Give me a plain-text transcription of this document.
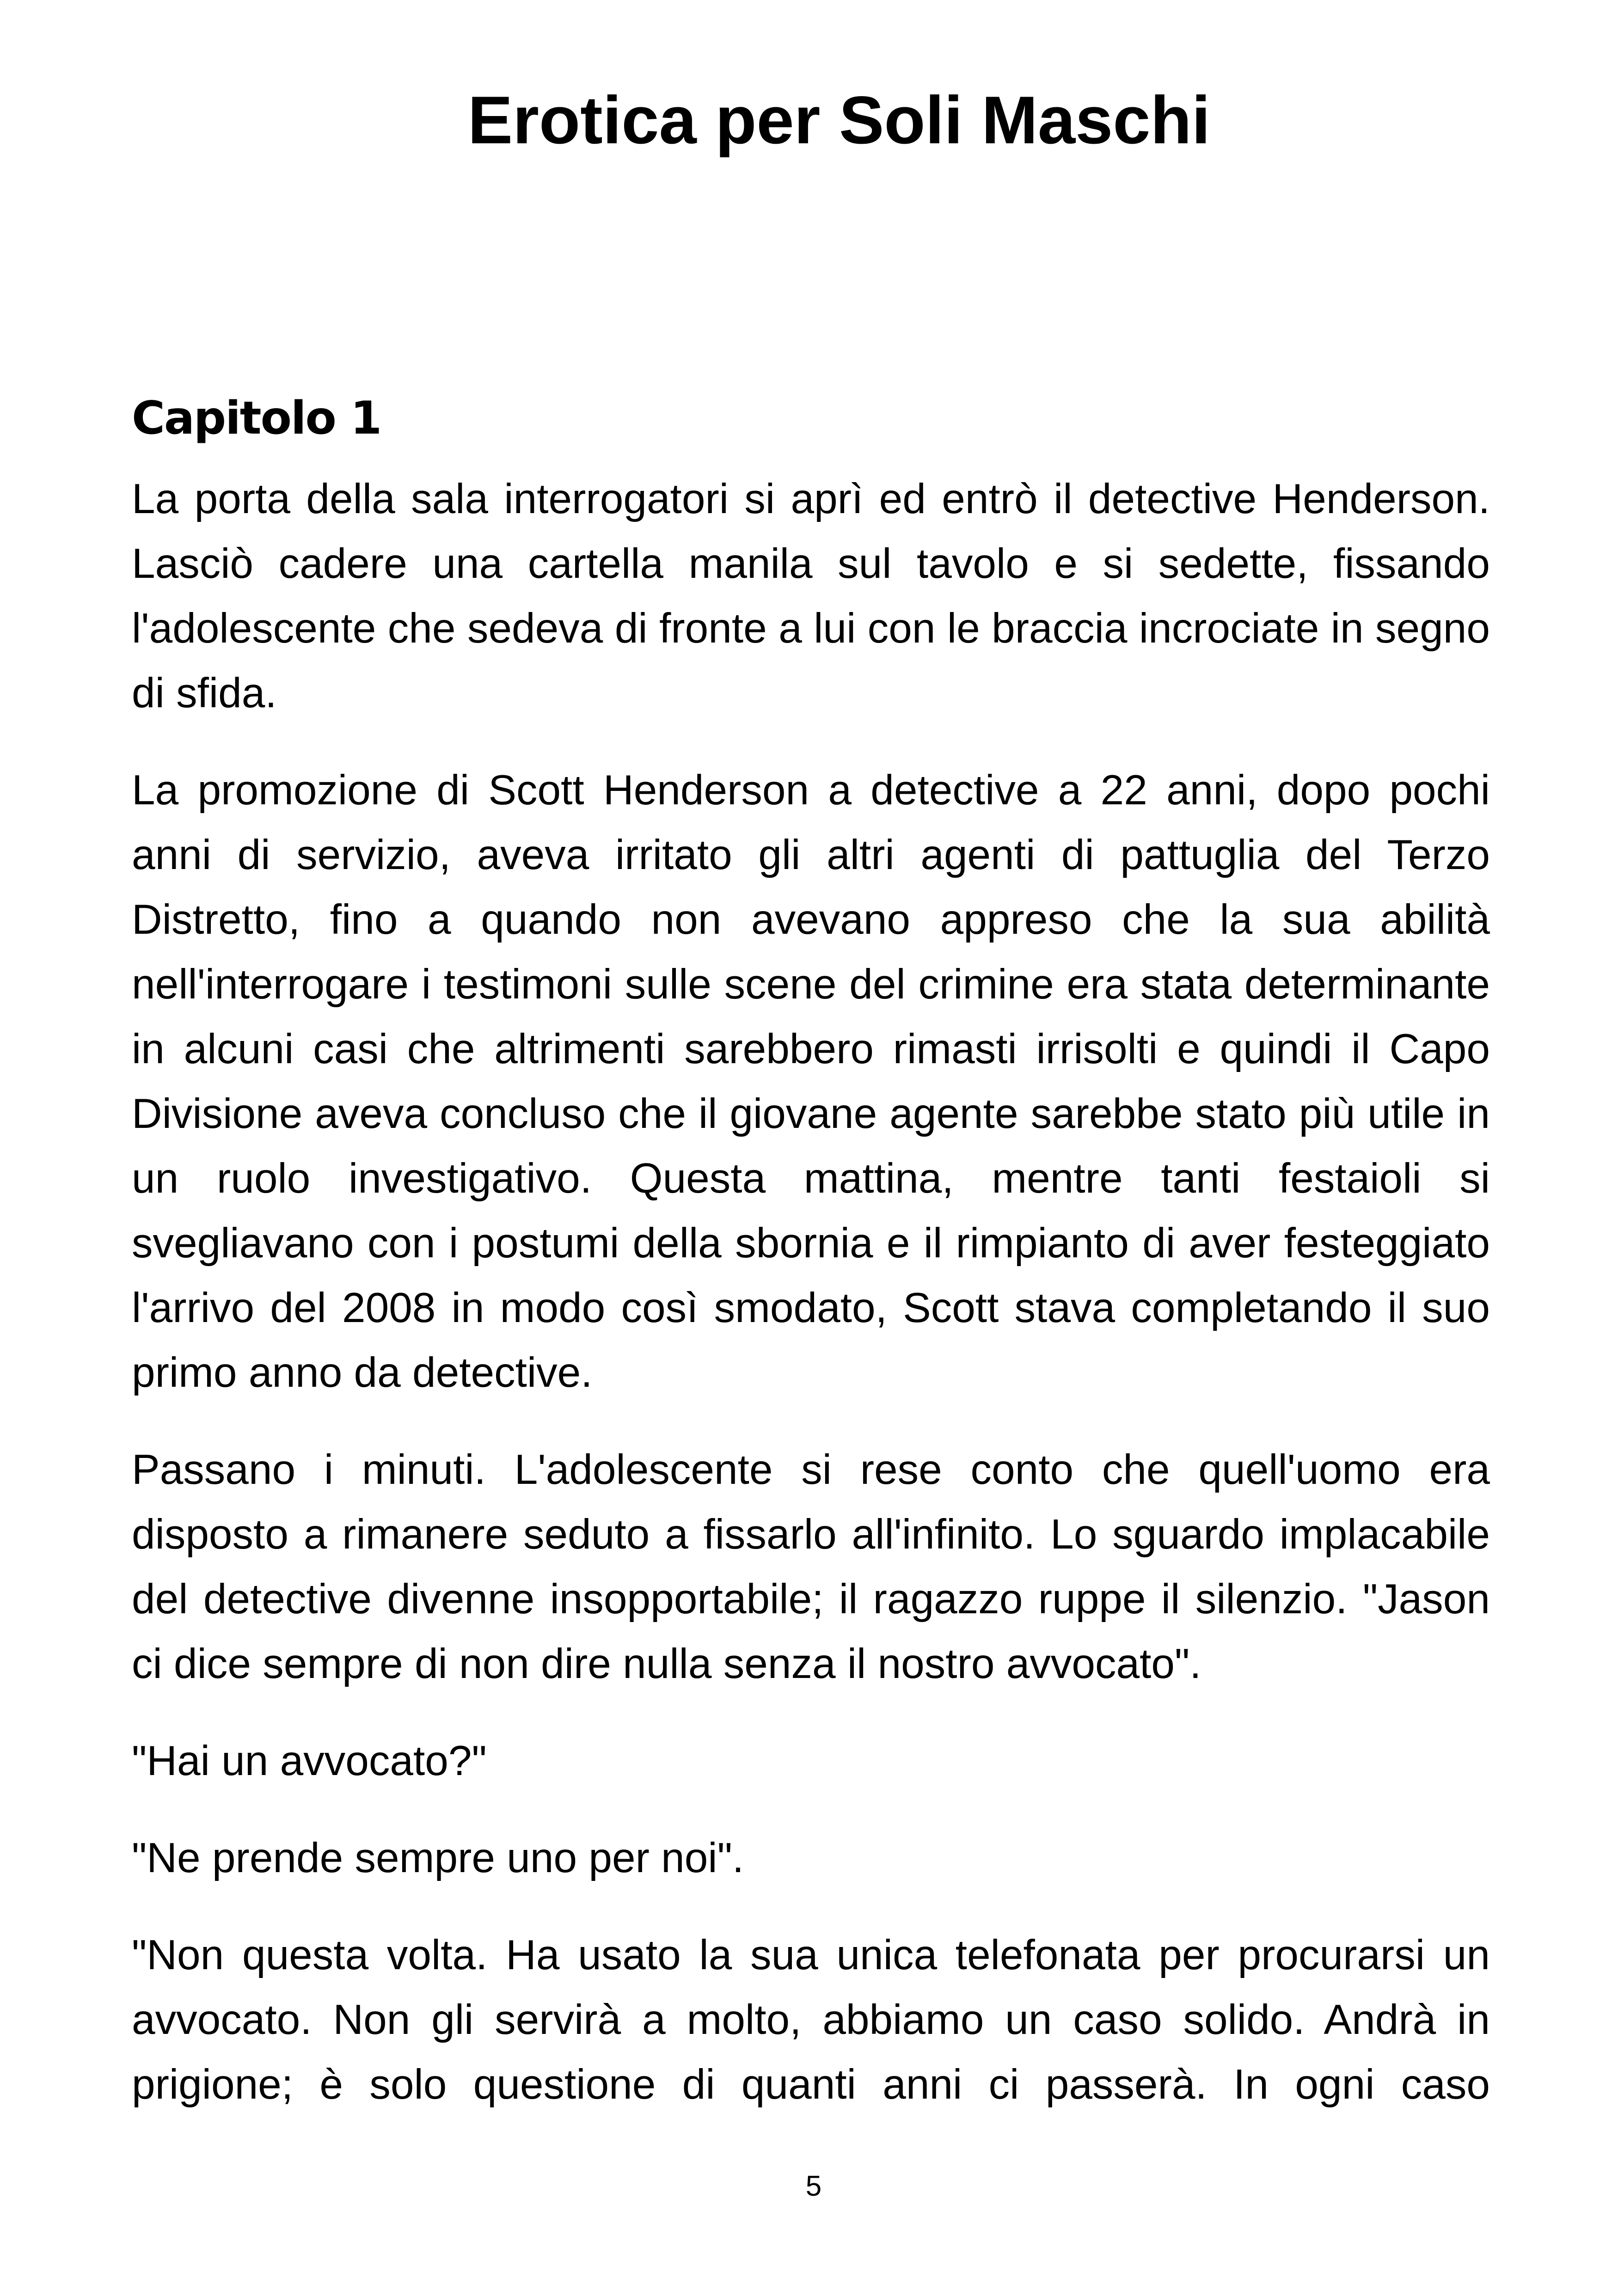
Erotica per Soli Maschi
Capitolo 1

La porta della sala interrogatori si aprì ed entrò il detective Henderson. Lasciò cadere una cartella manila sul tavolo e si sedette, fissando l'adolescente che sedeva di fronte a lui con le braccia incrociate in segno di sfida.

La promozione di Scott Henderson a detective a 22 anni, dopo pochi anni di servizio, aveva irritato gli altri agenti di pattuglia del Terzo Distretto, fino a quando non avevano appreso che la sua abilità nell'interrogare i testimoni sulle scene del crimine era stata determinante in alcuni casi che altrimenti sarebbero rimasti irrisolti e quindi il Capo Divisione aveva concluso che il giovane agente sarebbe stato più utile in un ruolo investigativo. Questa mattina, mentre tanti festaioli si svegliavano con i postumi della sbornia e il rimpianto di aver festeggiato l'arrivo del 2008 in modo così smodato, Scott stava completando il suo primo anno da detective.

Passano i minuti. L'adolescente si rese conto che quell'uomo era disposto a rimanere seduto a fissarlo all'infinito. Lo sguardo implacabile del detective divenne insopportabile; il ragazzo ruppe il silenzio. "Jason ci dice sempre di non dire nulla senza il nostro avvocato".

"Hai un avvocato?"

"Ne prende sempre uno per noi".

"Non questa volta. Ha usato la sua unica telefonata per procurarsi un avvocato. Non gli servirà a molto, abbiamo un caso solido. Andrà in prigione; è solo questione di quanti anni ci passerà. In ogni caso

5
